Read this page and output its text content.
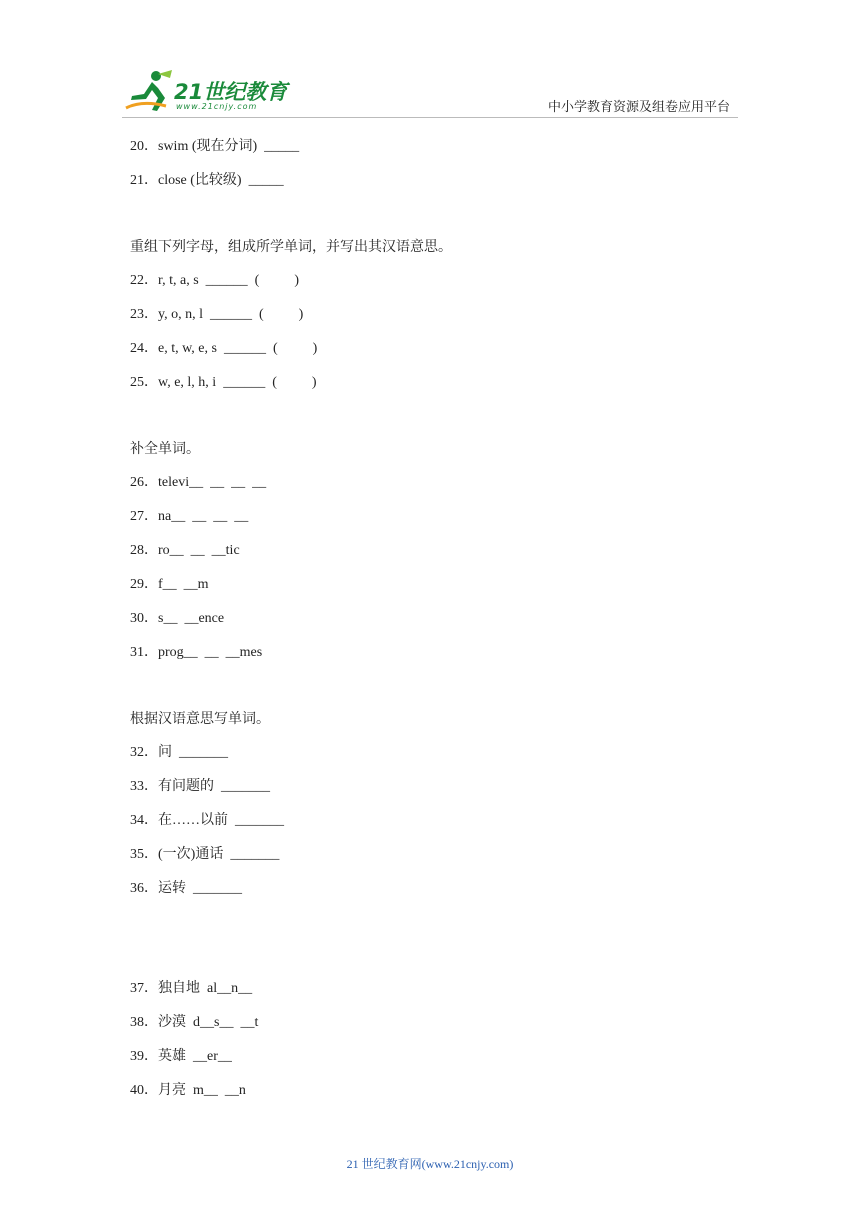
21世纪教育
www.21cnjy.com	中小学教育资源及组卷应用平台
20．swim (现在分词)  _____
21．close (比较级)  _____
重组下列字母，组成所学单词，并写出其汉语意思。
22．r, t, a, s  ______  (          )
23．y, o, n, l  ______  (          )
24．e, t, w, e, s  ______  (          )
25．w, e, l, h, i  ______  (          )
补全单词。
26．televi__  __  __  __
27．na__  __  __  __
28．ro__  __  __tic
29．f__  __m
30．s__  __ence
31．prog__  __  __mes
根据汉语意思写单词。
32．问  _______
33．有问题的  _______
34．在……以前  _______
35．(一次)通话  _______
36．运转  _______
37．独自地  al__n__
38．沙漠  d__s__  __t
39．英雄  __er__
40．月亮  m__  __n
21 世纪教育网(www.21cnjy.com)
